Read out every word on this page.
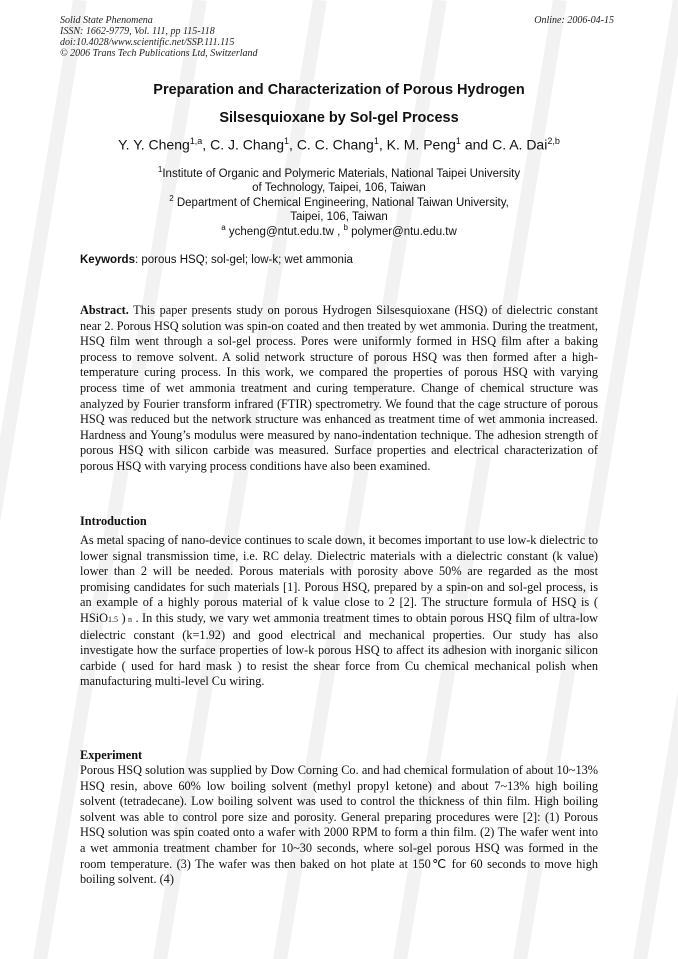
Solid State Phenomena
ISSN: 1662-9779, Vol. 111, pp 115-118
doi:10.4028/www.scientific.net/SSP.111.115
© 2006 Trans Tech Publications Ltd, Switzerland
Online: 2006-04-15
Preparation and Characterization of Porous Hydrogen
Silsesquioxane by Sol-gel Process
Y. Y. Cheng$^{1,a}$, C. J. Chang$^1$, C. C. Chang$^1$, K. M. Peng$^1$ and C. A. Dai$^{2,b}$
$^1$Institute of Organic and Polymeric Materials, National Taipei University
of Technology, Taipei, 106, Taiwan
$^2$ Department of Chemical Engineering, National Taiwan University,
Taipei, 106, Taiwan
$^a$ ycheng@ntut.edu.tw , $^b$ polymer@ntu.edu.tw
Keywords: porous HSQ; sol-gel; low-k; wet ammonia
Abstract. This paper presents study on porous Hydrogen Silsesquioxane (HSQ) of dielectric constant near 2. Porous HSQ solution was spin-on coated and then treated by wet ammonia. During the treatment, HSQ film went through a sol-gel process. Pores were uniformly formed in HSQ film after a baking process to remove solvent. A solid network structure of porous HSQ was then formed after a high-temperature curing process. In this work, we compared the properties of porous HSQ with varying process time of wet ammonia treatment and curing temperature. Change of chemical structure was analyzed by Fourier transform infrared (FTIR) spectrometry. We found that the cage structure of porous HSQ was reduced but the network structure was enhanced as treatment time of wet ammonia increased. Hardness and Young’s modulus were measured by nano-indentation technique. The adhesion strength of porous HSQ with silicon carbide was measured. Surface properties and electrical characterization of porous HSQ with varying process conditions have also been examined.
Introduction
As metal spacing of nano-device continues to scale down, it becomes important to use low-k dielectric to lower signal transmission time, i.e. RC delay. Dielectric materials with a dielectric constant (k value) lower than 2 will be needed. Porous materials with porosity above 50% are regarded as the most promising candidates for such materials [1]. Porous HSQ, prepared by a spin-on and sol-gel process, is an example of a highly porous material of k value close to 2 [2]. The structure formula of HSQ is ( HSiO1.5 ) n . In this study, we vary wet ammonia treatment times to obtain porous HSQ film of ultra-low dielectric constant (k=1.92) and good electrical and mechanical properties. Our study has also investigate how the surface properties of low-k porous HSQ to affect its adhesion with inorganic silicon carbide ( used for hard mask ) to resist the shear force from Cu chemical mechanical polish when manufacturing multi-level Cu wiring.
Experiment
Porous HSQ solution was supplied by Dow Corning Co. and had chemical formulation of about 10~13% HSQ resin, above 60% low boiling solvent (methyl propyl ketone) and about 7~13% high boiling solvent (tetradecane). Low boiling solvent was used to control the thickness of thin film. High boiling solvent was able to control pore size and porosity. General preparing procedures were [2]: (1) Porous HSQ solution was spin coated onto a wafer with 2000 RPM to form a thin film. (2) The wafer went into a wet ammonia treatment chamber for 10~30 seconds, where sol-gel porous HSQ was formed in the room temperature. (3) The wafer was then baked on hot plate at 150℃ for 60 seconds to move high boiling solvent. (4)
